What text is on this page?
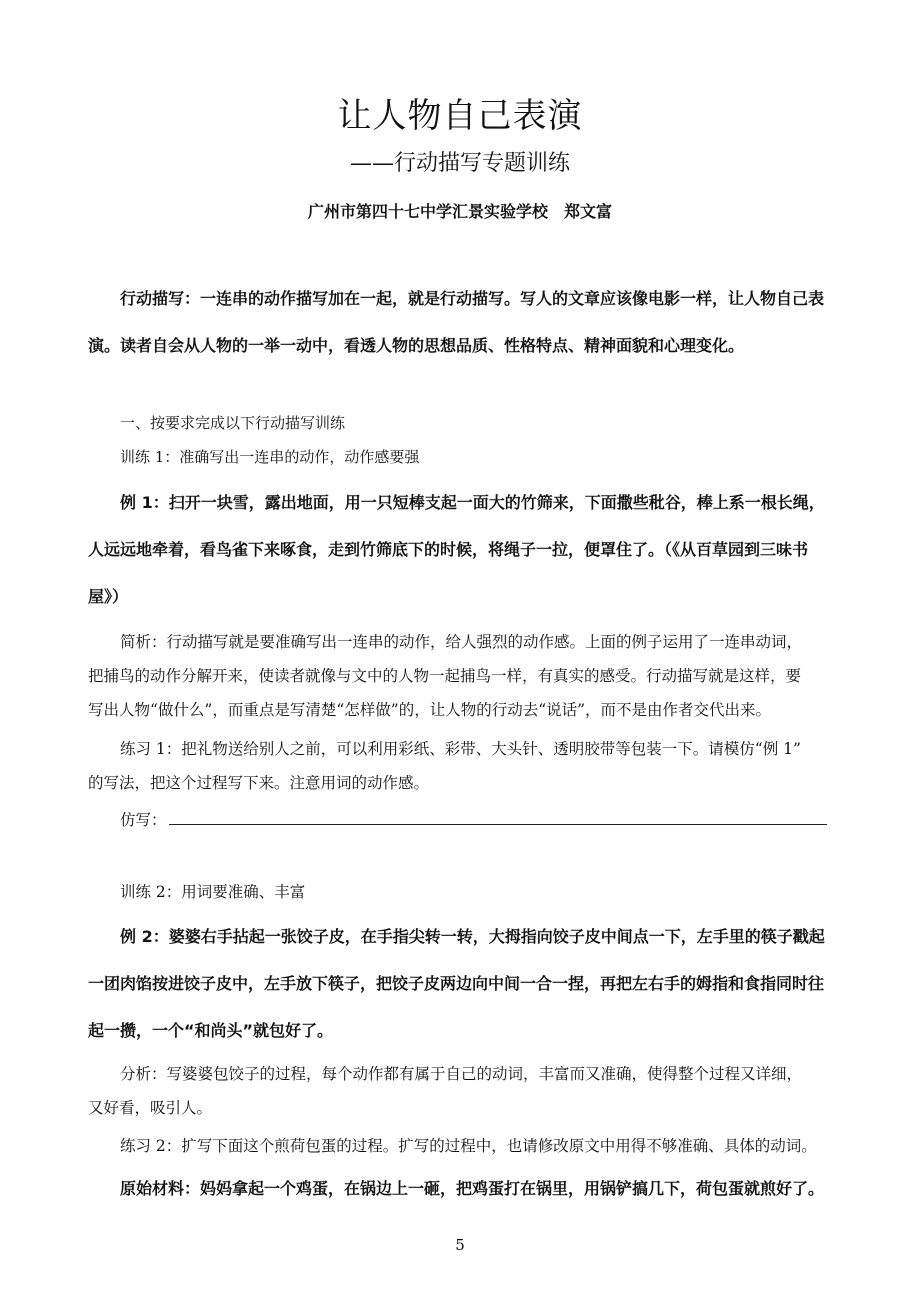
让人物自己表演
——行动描写专题训练
广州市第四十七中学汇景实验学校　郑文富

行动描写：一连串的动作描写加在一起，就是行动描写。写人的文章应该像电影一样，让人物自己表

演。读者自会从人物的一举一动中，看透人物的思想品质、性格特点、精神面貌和心理变化。

一、按要求完成以下行动描写训练

训练 1：准确写出一连串的动作，动作感要强

例 1：扫开一块雪，露出地面，用一只短棒支起一面大的竹筛来，下面撒些秕谷，棒上系一根长绳，

人远远地牵着，看鸟雀下来啄食，走到竹筛底下的时候，将绳子一拉，便罩住了。（《从百草园到三味书

屋》）

简析：行动描写就是要准确写出一连串的动作，给人强烈的动作感。上面的例子运用了一连串动词，

把捕鸟的动作分解开来，使读者就像与文中的人物一起捕鸟一样，有真实的感受。行动描写就是这样，要

写出人物“做什么”，而重点是写清楚“怎样做”的，让人物的行动去“说话”，而不是由作者交代出来。

练习 1：把礼物送给别人之前，可以利用彩纸、彩带、大头针、透明胶带等包装一下。请模仿“例 1”

的写法，把这个过程写下来。注意用词的动作感。

仿写：

训练 2：用词要准确、丰富

例 2：婆婆右手拈起一张饺子皮，在手指尖转一转，大拇指向饺子皮中间点一下，左手里的筷子戳起

一团肉馅按进饺子皮中，左手放下筷子，把饺子皮两边向中间一合一捏，再把左右手的姆指和食指同时往

起一攒，一个“和尚头”就包好了。

分析：写婆婆包饺子的过程，每个动作都有属于自己的动词，丰富而又准确，使得整个过程又详细，

又好看，吸引人。

练习 2：扩写下面这个煎荷包蛋的过程。扩写的过程中，也请修改原文中用得不够准确、具体的动词。

原始材料：妈妈拿起一个鸡蛋，在锅边上一砸，把鸡蛋打在锅里，用锅铲搞几下，荷包蛋就煎好了。

5
